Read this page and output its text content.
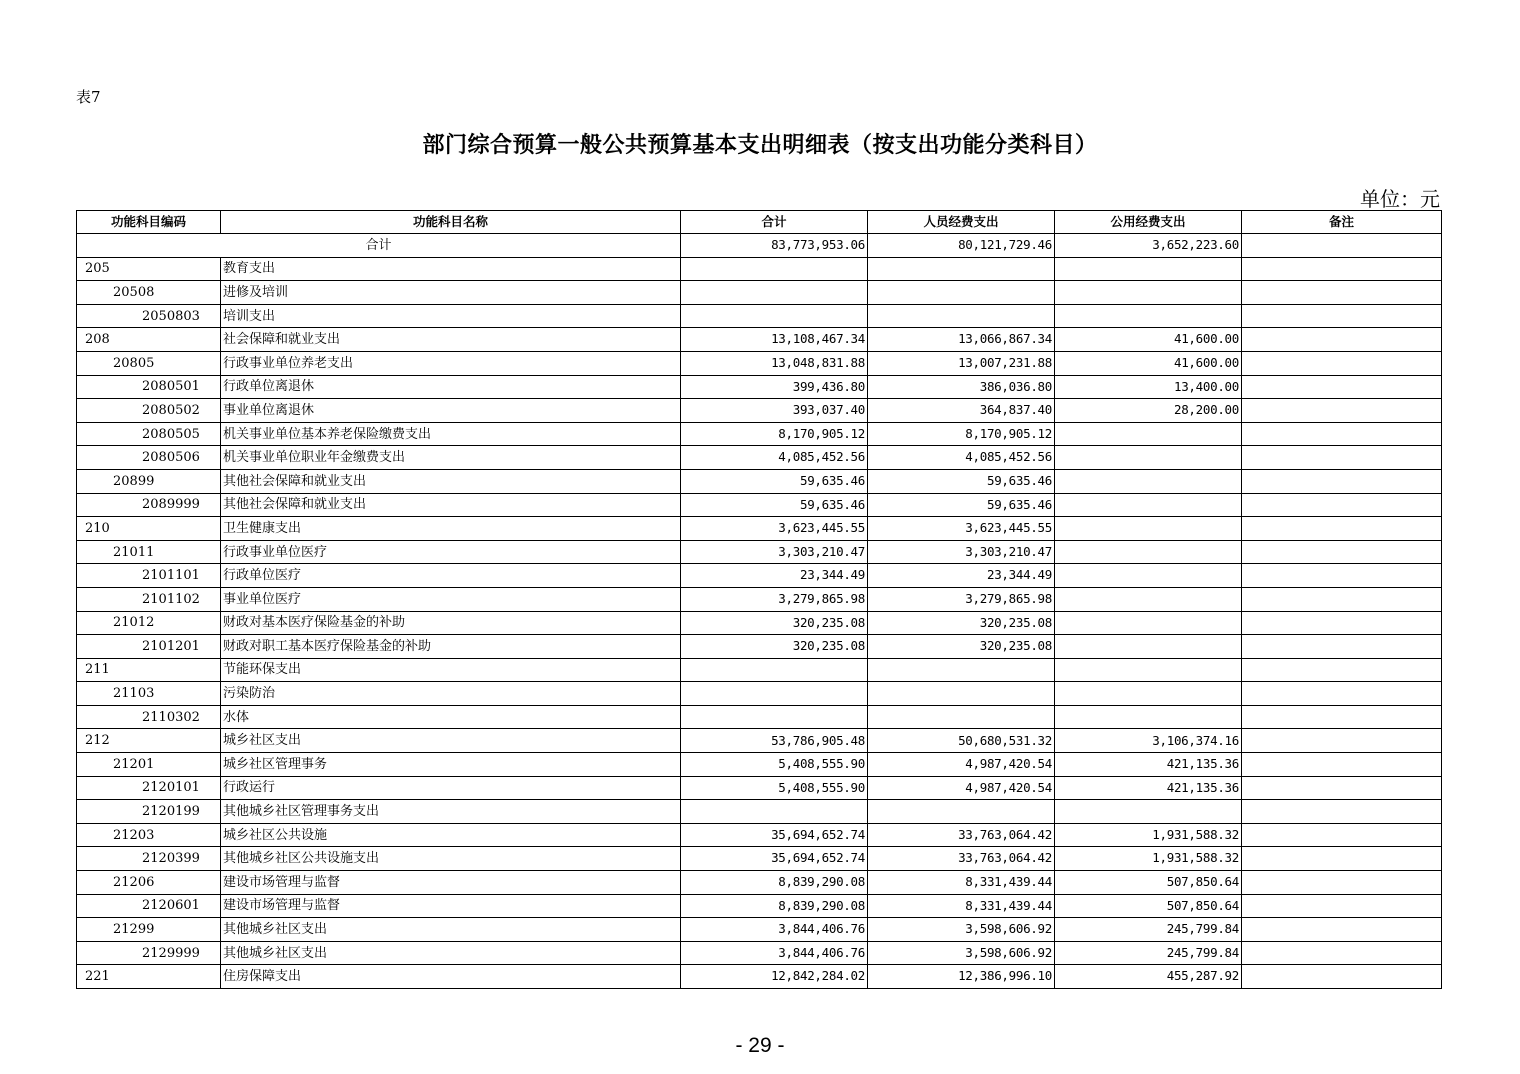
表7
部门综合预算一般公共预算基本支出明细表（按支出功能分类科目）
单位：元
功能科目编码	功能科目名称	合计	人员经费支出	公用经费支出	备注
合计		83,773,953.06	80,121,729.46	3,652,223.60	
205	教育支出				
20508	进修及培训				
2050803	培训支出				
208	社会保障和就业支出	13,108,467.34	13,066,867.34	41,600.00	
20805	行政事业单位养老支出	13,048,831.88	13,007,231.88	41,600.00	
2080501	行政单位离退休	399,436.80	386,036.80	13,400.00	
2080502	事业单位离退休	393,037.40	364,837.40	28,200.00	
2080505	机关事业单位基本养老保险缴费支出	8,170,905.12	8,170,905.12		
2080506	机关事业单位职业年金缴费支出	4,085,452.56	4,085,452.56		
20899	其他社会保障和就业支出	59,635.46	59,635.46		
2089999	其他社会保障和就业支出	59,635.46	59,635.46		
210	卫生健康支出	3,623,445.55	3,623,445.55		
21011	行政事业单位医疗	3,303,210.47	3,303,210.47		
2101101	行政单位医疗	23,344.49	23,344.49		
2101102	事业单位医疗	3,279,865.98	3,279,865.98		
21012	财政对基本医疗保险基金的补助	320,235.08	320,235.08		
2101201	财政对职工基本医疗保险基金的补助	320,235.08	320,235.08		
211	节能环保支出				
21103	污染防治				
2110302	水体				
212	城乡社区支出	53,786,905.48	50,680,531.32	3,106,374.16	
21201	城乡社区管理事务	5,408,555.90	4,987,420.54	421,135.36	
2120101	行政运行	5,408,555.90	4,987,420.54	421,135.36	
2120199	其他城乡社区管理事务支出				
21203	城乡社区公共设施	35,694,652.74	33,763,064.42	1,931,588.32	
2120399	其他城乡社区公共设施支出	35,694,652.74	33,763,064.42	1,931,588.32	
21206	建设市场管理与监督	8,839,290.08	8,331,439.44	507,850.64	
2120601	建设市场管理与监督	8,839,290.08	8,331,439.44	507,850.64	
21299	其他城乡社区支出	3,844,406.76	3,598,606.92	245,799.84	
2129999	其他城乡社区支出	3,844,406.76	3,598,606.92	245,799.84	
221	住房保障支出	12,842,284.02	12,386,996.10	455,287.92	
- 29 -
